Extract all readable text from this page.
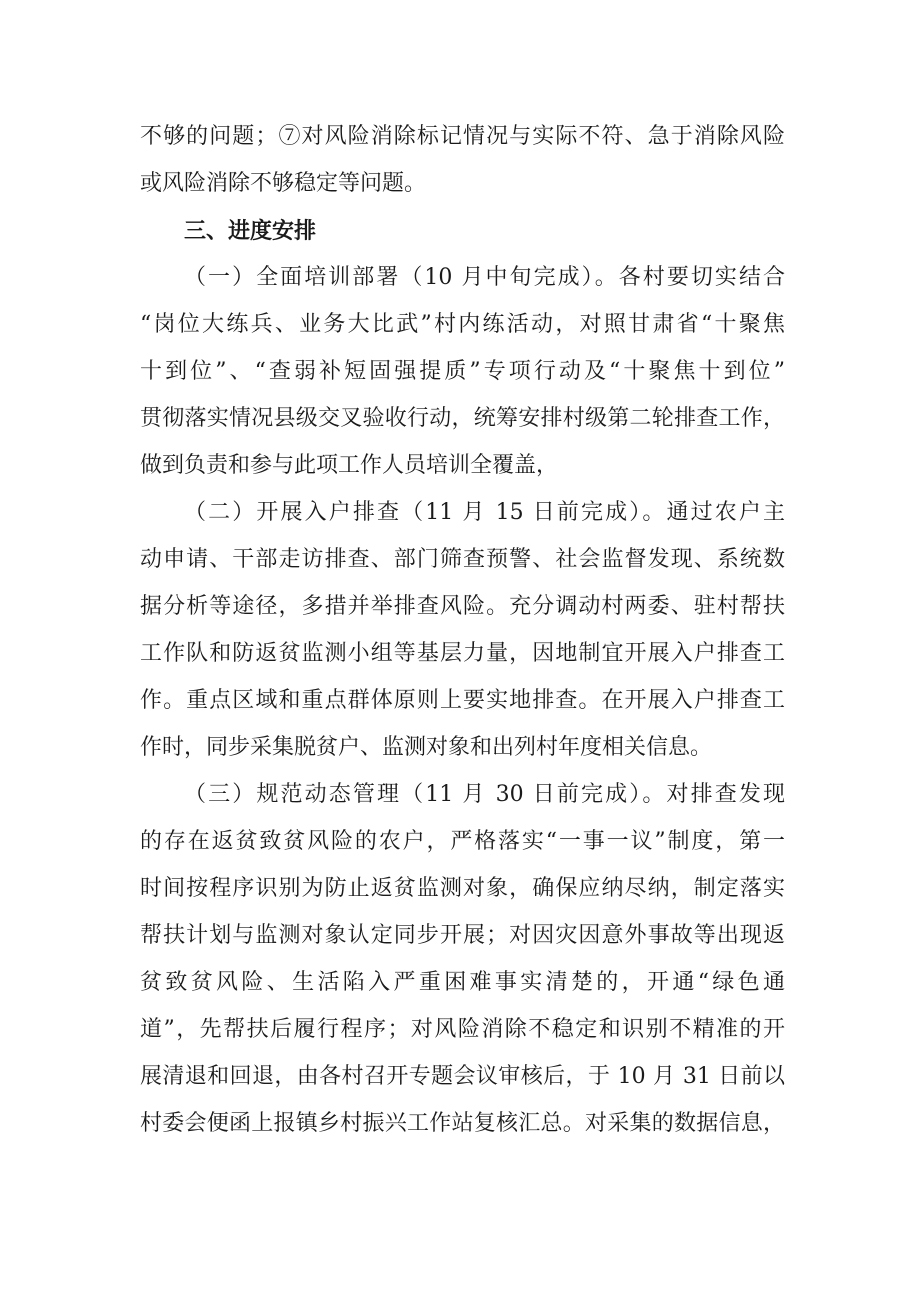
不够的问题；⑦对风险消除标记情况与实际不符、急于消除风险
或风险消除不够稳定等问题。
三、进度安排
（一）全面培训部署（10 月中旬完成）。各村要切实结合
“岗位大练兵、业务大比武”村内练活动，对照甘肃省“十聚焦
十到位”、“查弱补短固强提质”专项行动及“十聚焦十到位”
贯彻落实情况县级交叉验收行动，统筹安排村级第二轮排查工作，
做到负责和参与此项工作人员培训全覆盖，
（二）开展入户排查（11 月 15 日前完成）。通过农户主
动申请、干部走访排查、部门筛查预警、社会监督发现、系统数
据分析等途径，多措并举排查风险。充分调动村两委、驻村帮扶
工作队和防返贫监测小组等基层力量，因地制宜开展入户排查工
作。重点区域和重点群体原则上要实地排查。在开展入户排查工
作时，同步采集脱贫户、监测对象和出列村年度相关信息。
（三）规范动态管理（11 月 30 日前完成）。对排查发现
的存在返贫致贫风险的农户，严格落实“一事一议”制度，第一
时间按程序识别为防止返贫监测对象，确保应纳尽纳，制定落实
帮扶计划与监测对象认定同步开展；对因灾因意外事故等出现返
贫致贫风险、生活陷入严重困难事实清楚的，开通“绿色通
道”，先帮扶后履行程序；对风险消除不稳定和识别不精准的开
展清退和回退，由各村召开专题会议审核后，于 10 月 31 日前以
村委会便函上报镇乡村振兴工作站复核汇总。对采集的数据信息，
